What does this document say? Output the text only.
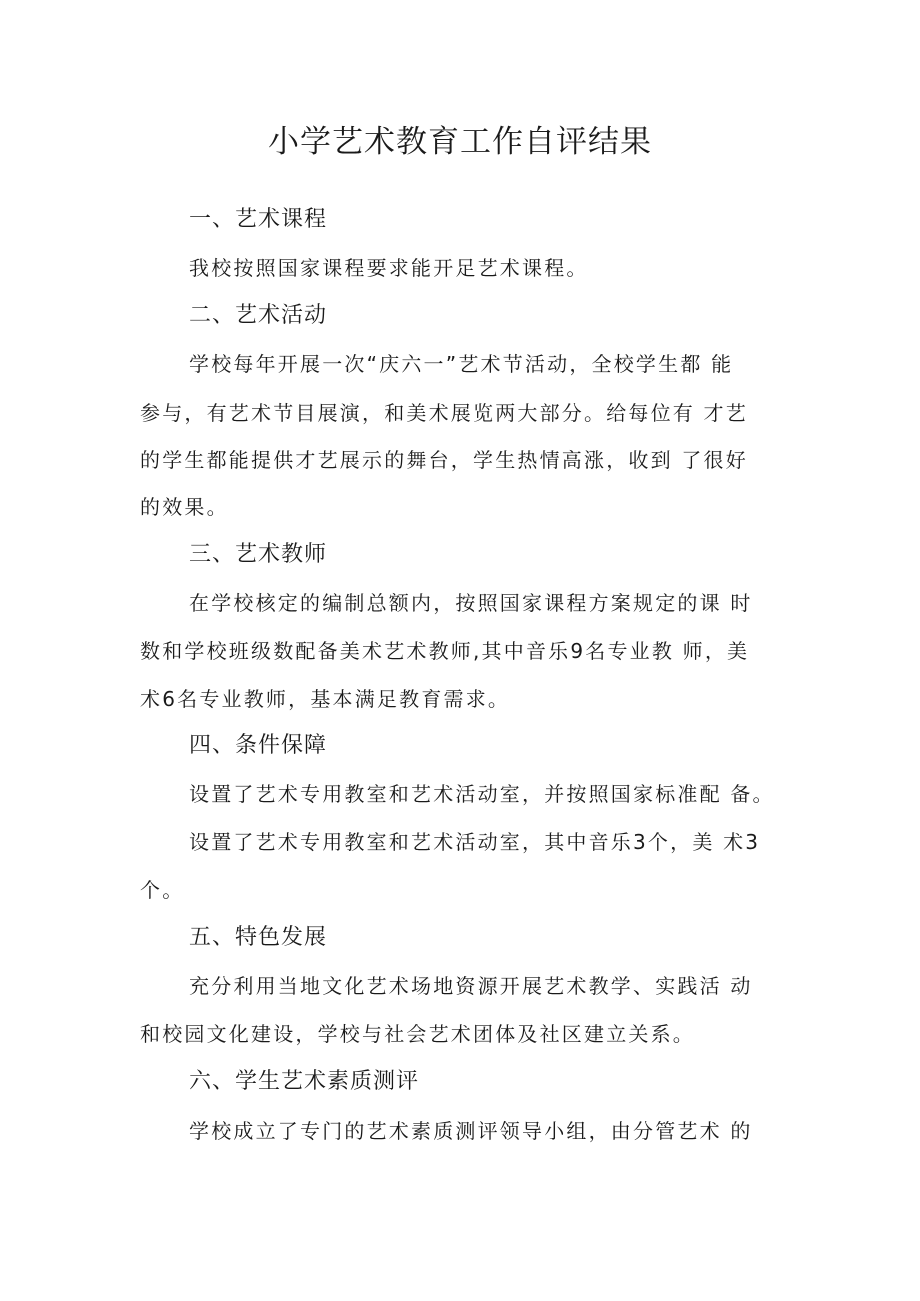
小学艺术教育工作自评结果
一、艺术课程

我校按照国家课程要求能开足艺术课程。

二、艺术活动

学校每年开展一次“庆六一”艺术节活动，全校学生都 能

参与，有艺术节目展演，和美术展览两大部分。给每位有 才艺

的学生都能提供才艺展示的舞台，学生热情高涨，收到 了很好

的效果。

三、艺术教师

在学校核定的编制总额内，按照国家课程方案规定的课 时

数和学校班级数配备美术艺术教师,其中音乐9名专业教 师，美

术6名专业教师，基本满足教育需求。

四、条件保障

设置了艺术专用教室和艺术活动室，并按照国家标准配 备。

设置了艺术专用教室和艺术活动室，其中音乐3个，美 术3

个。

五、特色发展

充分利用当地文化艺术场地资源开展艺术教学、实践活 动

和校园文化建设，学校与社会艺术团体及社区建立关系。

六、学生艺术素质测评

学校成立了专门的艺术素质测评领导小组，由分管艺术 的
